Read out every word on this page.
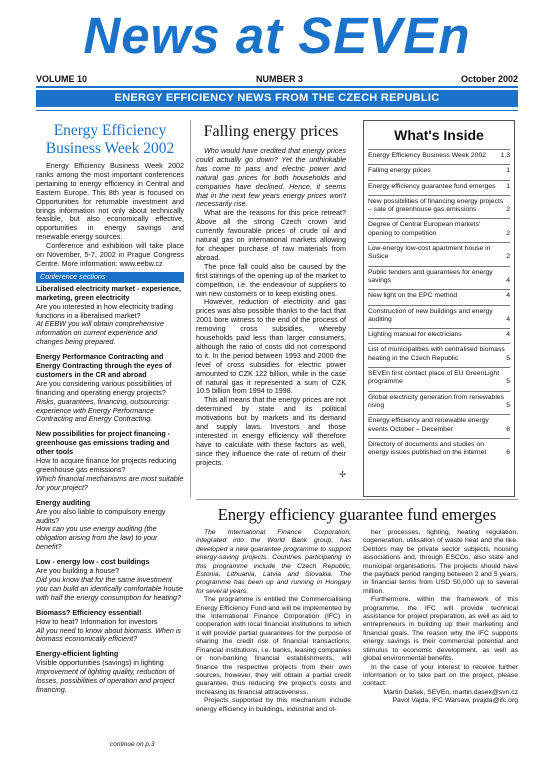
News at SEVEn
VOLUME 10	NUMBER 3	October 2002
ENERGY EFFICIENCY NEWS FROM THE CZECH REPUBLIC
Energy Efficiency Business Week 2002

Energy Efficiency Business Week 2002 ranks among the most important conferences pertaining to energy efficiency in Central and Eastern Europe. This 8th year is focused on Opportunities for returnable investment and brings information not only about technically feasible, but also economically effective, opportunities in energy savings and renewable energy sources.

Conference and exhibition will take place on November, 5-7, 2002 in Prague Congress Centre. More information: www.eebw.cz

Conference sections
Liberalised electricity market - experience, marketing, green electricity
Are you interested in how electricity trading functions in a liberalised market?
At EEBW you will obtain comprehensive information on current experience and changes being prepared.
Energy Performance Contracting and Energy Contracting through the eyes of customers in the CR and abroad
Are you considering various possibilities of financing and operating energy projects?
Risks, guarantees, financing, outsourcing: experience with Energy Performance Contracting and Energy Contracting.
New possibilities for project financing - greenhouse gas emissions trading and other tools
How to acquire finance for projects reducing greenhouse gas emissions?
Which financial mechanisms are most suitable for your project?
Energy auditing
Are you also liable to compulsory energy audits?
How can you use energy auditing (the obligation arising from the law) to your benefit?
Low - energy low - cost buildings
Are you building a house?
Did you know that for the same investment you can build an identically comfortable house with half the energy consumption for heating?
Biomass? Efficiency essential!
How to heat? Information for investors
All you need to know about biomass. When is biomass economically efficient?
Energy-efficient lighting
Visible opportunities (savings) in lighting
Improvement of lighting quality, reduction of losses, possibilities of operation and project financing.
continue on p.3
Falling energy prices

Who would have credited that energy prices could actually go down? Yet the unthinkable has come to pass and electric power and natural gas prices for both households and companies have declined. Hence, it seems that in the next few years energy prices won't necessarily rise.

What are the reasons for this price retreat? Above all the strong Czech crown and currently favourable prices of crude oil and natural gas on international markets allowing for cheaper purchase of raw materials from abroad.

The price fall could also be caused by the first stirrings of the opening up of the market to competition, i.e. the endeavour of suppliers to win new customers or to keep existing ones.

However, reduction of electricity and gas prices was also possible thanks to the fact that 2001 bore witness to the end of the process of removing cross subsidies, whereby households paid less than larger consumers, although the ratio of costs did not correspond to it. In the period between 1993 and 2000 the level of cross subsidies for electric power amounted to CZK 122 billion, while in the case of natural gas it represented a sum of CZK 10.5 billion from 1994 to 1998.

This all means that the energy prices are not determined by state and its political motivations but by markets and its demand and supply laws. Investors and those interested in energy efficiency will therefore have to calculate with these factors as well, since they influence the rate of return of their projects.

✢
What's Inside
Energy Efficiency Business Week 2002	1,3
Falling energy prices	1
Energy efficiency guarantee fund emerges	1
New possibilities of financing energy projects – sale of greenhouse gas emissions	2
Degree of Central European markets' opening to competition	2
Low-energy low-cost apartment house in Sušice	2
Public tenders and guarantees for energy savings	4
New light on the EPC method	4
Construction of new buildings and energy auditing	4
Lighting manual for electricians	4
List of municipalities with centralised biomass heating in the Czech Republic	5
SEVEn first contact place of EU GreenLight programme	5
Global electricity generation from renewables rising	5
Energy efficiency and renewable energy events October – December	6
Directory of documents and studies on energy issues published on the internet	6
Energy efficiency guarantee fund emerges

The International Finance Corporation, integrated into the World Bank group, has developed a new guarantee programme to support energy-saving projects. Countries participating in this programme include the Czech Republic, Estonia, Lithuania, Latvia and Slovakia. The programme has been up and running in Hungary for several years.

The programme is entitled the Commercialising Energy Efficiency Fund and will be implemented by the International Finance Corporation (IFC) in cooperation with local financial institutions to which it will provide partial guarantees for the purpose of sharing the credit risk of financial transactions. Financial institutions, i.e. banks, leasing companies or non-banking financial establishments, will finance the respective projects from their own sources, however, they will obtain a partial credit guarantee, thus reducing the project's costs and increasing its financial attractiveness.

Projects supported by this mechanism include energy efficiency in buildings, industrial and ot-

her processes, lighting, heating regulation, cogeneration, utilisation of waste heat and the like. Debtors may be private sector subjects, housing associations and, through ESCOs, also state and municipal organisations. The projects should have the payback period ranging between 2 and 5 years, in financial terms from USD 50,000 up to several million.

Furthermore, within the framework of this programme, the IFC will provide technical assistance for project preparation, as well as aid to entrepreneurs in building up their marketing and financial goals. The reason why the IFC supports energy savings is their commercial potential and stimulus to economic development, as well as global environmental benefits.

In the case of your interest to receive further information or to take part on the project, please contact:

Martin Dašek, SEVEn, martin.dasek@svn.cz

Pavol Vajda, IFC Warsaw, pvajda@ifc.org
